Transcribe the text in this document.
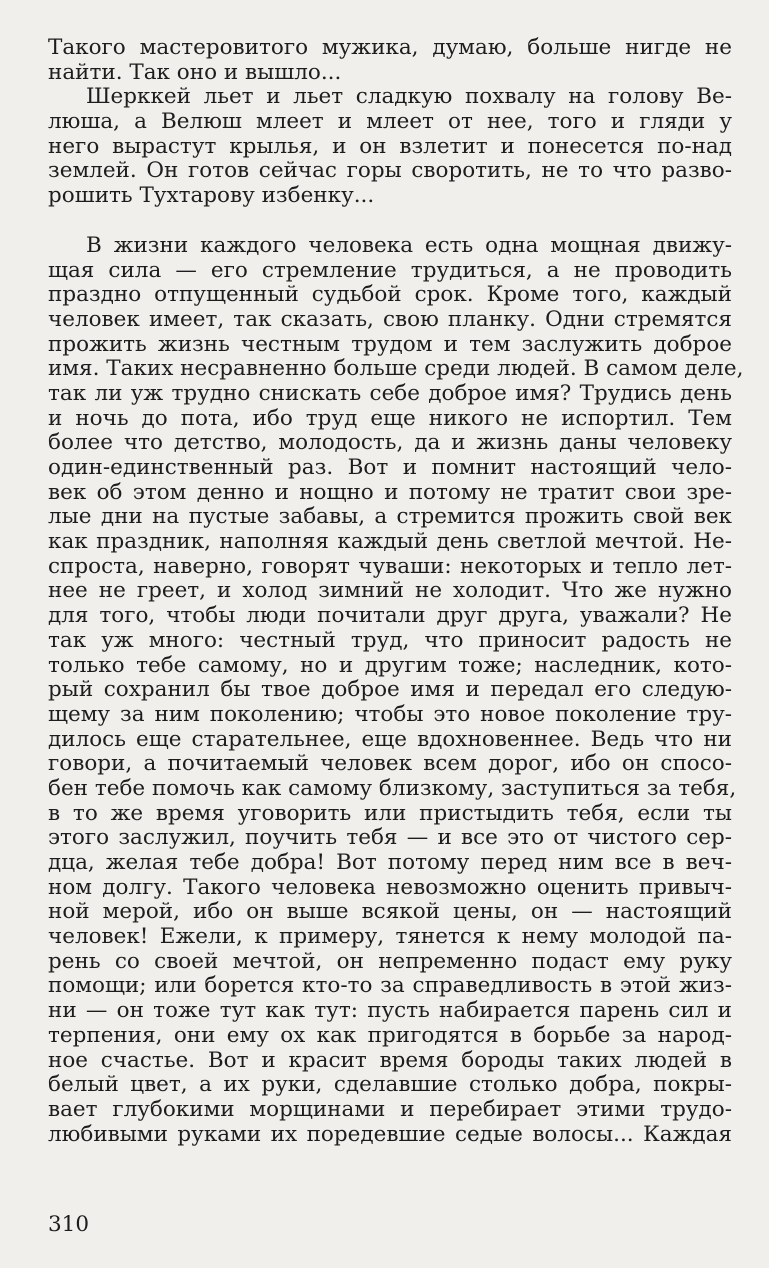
Такого мастеровитого мужика, думаю, больше нигде не
найти. Так оно и вышло...
Шерккей льет и льет сладкую похвалу на голову Ве-
люша, а Велюш млеет и млеет от нее, того и гляди у
него вырастут крылья, и он взлетит и понесется по-над
землей. Он готов сейчас горы своротить, не то что разво-
рошить Тухтарову избенку...
В жизни каждого человека есть одна мощная движу-
щая сила — его стремление трудиться, а не проводить
праздно отпущенный судьбой срок. Кроме того, каждый
человек имеет, так сказать, свою планку. Одни стремятся
прожить жизнь честным трудом и тем заслужить доброе
имя. Таких несравненно больше среди людей. В самом деле,
так ли уж трудно снискать себе доброе имя? Трудись день
и ночь до пота, ибо труд еще никого не испортил. Тем
более что детство, молодость, да и жизнь даны человеку
один-единственный раз. Вот и помнит настоящий чело-
век об этом денно и нощно и потому не тратит свои зре-
лые дни на пустые забавы, а стремится прожить свой век
как праздник, наполняя каждый день светлой мечтой. Не-
спроста, наверно, говорят чуваши: некоторых и тепло лет-
нее не греет, и холод зимний не холодит. Что же нужно
для того, чтобы люди почитали друг друга, уважали? Не
так уж много: честный труд, что приносит радость не
только тебе самому, но и другим тоже; наследник, кото-
рый сохранил бы твое доброе имя и передал его следую-
щему за ним поколению; чтобы это новое поколение тру-
дилось еще старательнее, еще вдохновеннее. Ведь что ни
говори, а почитаемый человек всем дорог, ибо он спосо-
бен тебе помочь как самому близкому, заступиться за тебя,
в то же время уговорить или пристыдить тебя, если ты
этого заслужил, поучить тебя — и все это от чистого сер-
дца, желая тебе добра! Вот потому перед ним все в веч-
ном долгу. Такого человека невозможно оценить привыч-
ной мерой, ибо он выше всякой цены, он — настоящий
человек! Ежели, к примеру, тянется к нему молодой па-
рень со своей мечтой, он непременно подаст ему руку
помощи; или борется кто-то за справедливость в этой жиз-
ни — он тоже тут как тут: пусть набирается парень сил и
терпения, они ему ох как пригодятся в борьбе за народ-
ное счастье. Вот и красит время бороды таких людей в
белый цвет, а их руки, сделавшие столько добра, покры-
вает глубокими морщинами и перебирает этими трудо-
любивыми руками их поредевшие седые волосы... Каждая
310
